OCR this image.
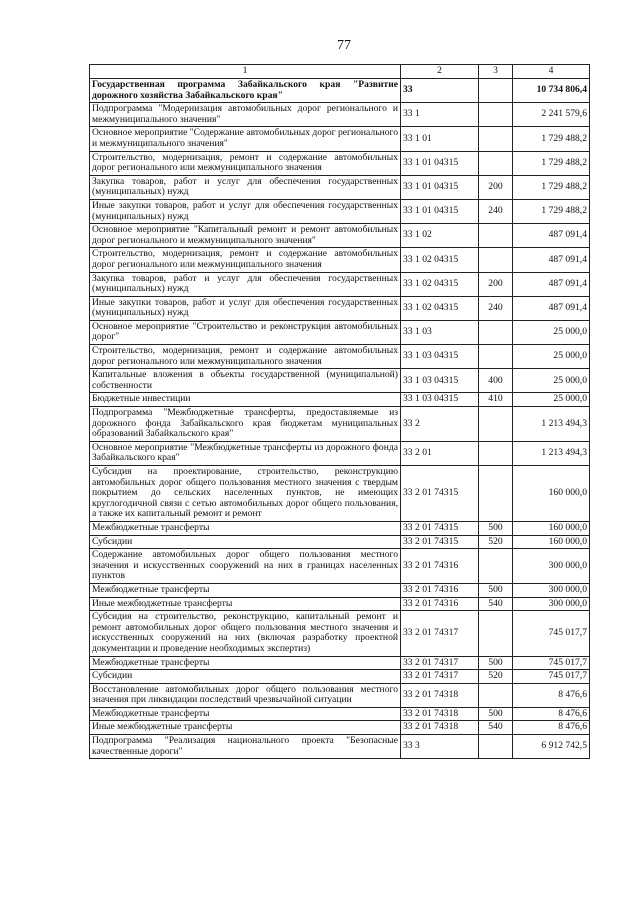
77
1	2	3	4
Государственная программа Забайкальского края "Развитие дорожного хозяйства Забайкальского края"	33		10 734 806,4
Подпрограмма "Модернизация автомобильных дорог регионального и межмуниципального значения"	33 1		2 241 579,6
Основное мероприятие "Содержание автомобильных дорог регионального и межмуниципального значения"	33 1 01		1 729 488,2
Строительство, модернизация, ремонт и содержание автомобильных дорог регионального или межмуниципального значения	33 1 01 04315		1 729 488,2
Закупка товаров, работ и услуг для обеспечения государственных (муниципальных) нужд	33 1 01 04315	200	1 729 488,2
Иные закупки товаров, работ и услуг для обеспечения государственных (муниципальных) нужд	33 1 01 04315	240	1 729 488,2
Основное мероприятие "Капитальный ремонт и ремонт автомобильных дорог регионального и межмуниципального значения"	33 1 02		487 091,4
Строительство, модернизация, ремонт и содержание автомобильных дорог регионального или межмуниципального значения	33 1 02 04315		487 091,4
Закупка товаров, работ и услуг для обеспечения государственных (муниципальных) нужд	33 1 02 04315	200	487 091,4
Иные закупки товаров, работ и услуг для обеспечения государственных (муниципальных) нужд	33 1 02 04315	240	487 091,4
Основное мероприятие "Строительство и реконструкция автомобильных дорог"	33 1 03		25 000,0
Строительство, модернизация, ремонт и содержание автомобильных дорог регионального или межмуниципального значения	33 1 03 04315		25 000,0
Капитальные вложения в объекты государственной (муниципальной) собственности	33 1 03 04315	400	25 000,0
Бюджетные инвестиции	33 1 03 04315	410	25 000,0
Подпрограмма "Межбюджетные трансферты, предоставляемые из дорожного фонда Забайкальского края бюджетам муниципальных образований Забайкальского края"	33 2		1 213 494,3
Основное мероприятие "Межбюджетные трансферты из дорожного фонда Забайкальского края"	33 2 01		1 213 494,3
Субсидия на проектирование, строительство, реконструкцию автомобильных дорог общего пользования местного значения с твердым покрытием до сельских населенных пунктов, не имеющих круглогодичной связи с сетью автомобильных дорог общего пользования, а также их капитальный ремонт и ремонт	33 2 01 74315		160 000,0
Межбюджетные трансферты	33 2 01 74315	500	160 000,0
Субсидии	33 2 01 74315	520	160 000,0
Содержание автомобильных дорог общего пользования местного значения и искусственных сооружений на них в границах населенных пунктов	33 2 01 74316		300 000,0
Межбюджетные трансферты	33 2 01 74316	500	300 000,0
Иные межбюджетные трансферты	33 2 01 74316	540	300 000,0
Субсидия на строительство, реконструкцию, капитальный ремонт и ремонт автомобильных дорог общего пользования местного значения и искусственных сооружений на них (включая разработку проектной документации и проведение необходимых экспертиз)	33 2 01 74317		745 017,7
Межбюджетные трансферты	33 2 01 74317	500	745 017,7
Субсидии	33 2 01 74317	520	745 017,7
Восстановление автомобильных дорог общего пользования местного значения при ликвидации последствий чрезвычайной ситуации	33 2 01 74318		8 476,6
Межбюджетные трансферты	33 2 01 74318	500	8 476,6
Иные межбюджетные трансферты	33 2 01 74318	540	8 476,6
Подпрограмма "Реализация национального проекта "Безопасные качественные дороги"	33 3		6 912 742,5
